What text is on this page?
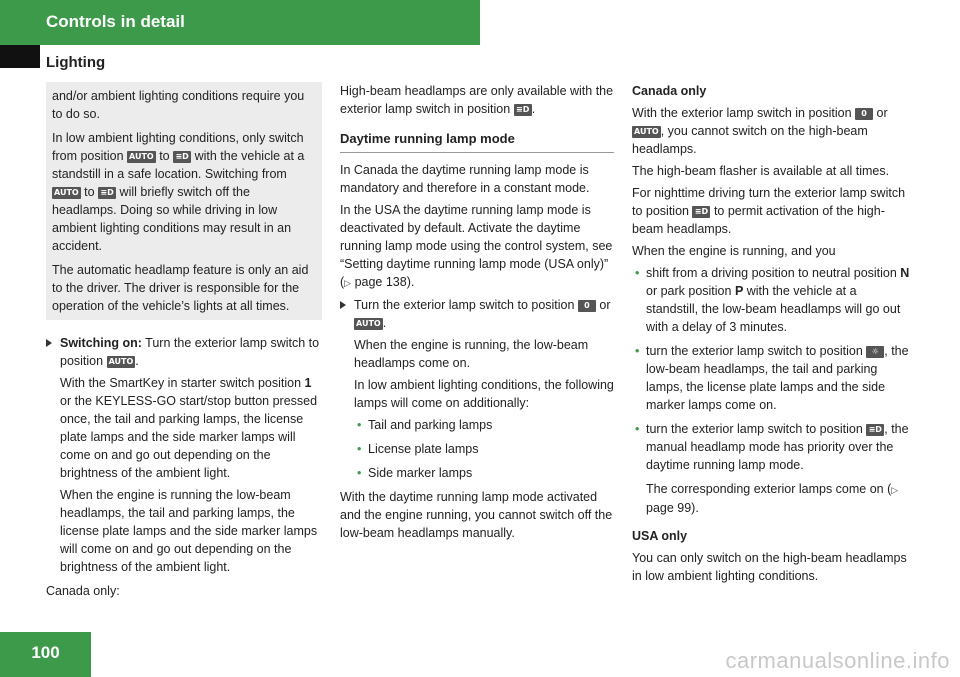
Controls in detail
Lighting

and/or ambient lighting conditions require you to do so.

In low ambient lighting conditions, only switch from position AUTO to ≡D with the vehicle at a standstill in a safe location. Switching from AUTO to ≡D will briefly switch off the headlamps. Doing so while driving in low ambient lighting conditions may result in an accident.

The automatic headlamp feature is only an aid to the driver. The driver is responsible for the operation of the vehicle’s lights at all times.

Switching on: Turn the exterior lamp switch to position AUTO .

With the SmartKey in starter switch position 1 or the KEYLESS-GO start/stop button pressed once, the tail and parking lamps, the license plate lamps and the side marker lamps will come on and go out depending on the brightness of the ambient light.

When the engine is running the low-beam headlamps, the tail and parking lamps, the license plate lamps and the side marker lamps will come on and go out depending on the brightness of the ambient light.

Canada only:

High-beam headlamps are only available with the exterior lamp switch in position ≡D .

Daytime running lamp mode

In Canada the daytime running lamp mode is mandatory and therefore in a constant mode.

In the USA the daytime running lamp mode is deactivated by default. Activate the daytime running lamp mode using the control system, see “Setting daytime running lamp mode (USA only)” (▷ page 138).

Turn the exterior lamp switch to position 0 or AUTO .

When the engine is running, the low-beam headlamps come on.

In low ambient lighting conditions, the following lamps will come on additionally:

• Tail and parking lamps

• License plate lamps

• Side marker lamps

With the daytime running lamp mode activated and the engine running, you cannot switch off the low-beam headlamps manually.

Canada only

With the exterior lamp switch in position 0 or AUTO , you cannot switch on the high-beam headlamps.

The high-beam flasher is available at all times.

For nighttime driving turn the exterior lamp switch to position ≡D to permit activation of the high-beam headlamps.

When the engine is running, and you

• shift from a driving position to neutral position N or park position P with the vehicle at a standstill, the low-beam headlamps will go out with a delay of 3 minutes.

• turn the exterior lamp switch to position ☼ , the low-beam headlamps, the tail and parking lamps, the license plate lamps and the side marker lamps come on.

• turn the exterior lamp switch to position ≡D , the manual headlamp mode has priority over the daytime running lamp mode.

The corresponding exterior lamps come on (▷ page 99).

USA only

You can only switch on the high-beam headlamps in low ambient lighting conditions.

100	carmanualsonline.info
